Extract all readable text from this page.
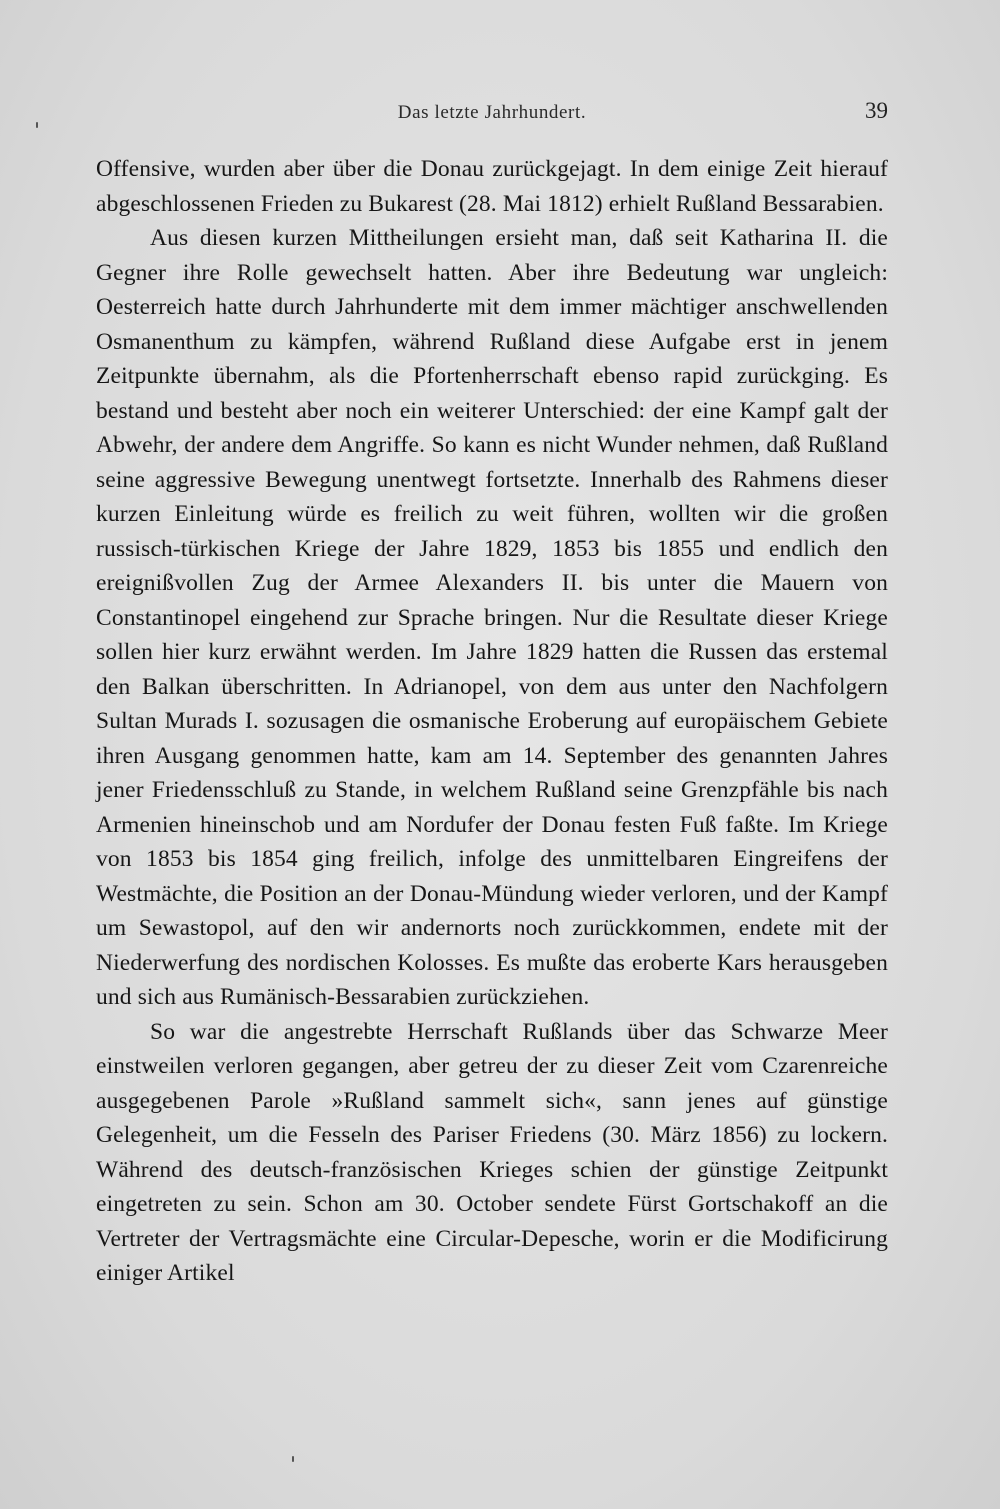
Das letzte Jahrhundert.	39

Offensive, wurden aber über die Donau zurückgejagt. In dem einige Zeit hierauf abgeschlossenen Frieden zu Bukarest (28. Mai 1812) erhielt Rußland Bessarabien.

Aus diesen kurzen Mittheilungen ersieht man, daß seit Katharina II. die Gegner ihre Rolle gewechselt hatten. Aber ihre Bedeutung war ungleich: Oesterreich hatte durch Jahrhunderte mit dem immer mächtiger anschwellenden Osmanenthum zu kämpfen, während Rußland diese Aufgabe erst in jenem Zeitpunkte übernahm, als die Pfortenherrschaft ebenso rapid zurückging. Es bestand und besteht aber noch ein weiterer Unterschied: der eine Kampf galt der Abwehr, der andere dem Angriffe. So kann es nicht Wunder nehmen, daß Rußland seine aggressive Bewegung unentwegt fortsetzte. Innerhalb des Rahmens dieser kurzen Einleitung würde es freilich zu weit führen, wollten wir die großen russisch-türkischen Kriege der Jahre 1829, 1853 bis 1855 und endlich den ereignißvollen Zug der Armee Alexanders II. bis unter die Mauern von Constantinopel eingehend zur Sprache bringen. Nur die Resultate dieser Kriege sollen hier kurz erwähnt werden. Im Jahre 1829 hatten die Russen das erstemal den Balkan überschritten. In Adrianopel, von dem aus unter den Nachfolgern Sultan Murads I. sozusagen die osmanische Eroberung auf europäischem Gebiete ihren Ausgang genommen hatte, kam am 14. September des genannten Jahres jener Friedensschluß zu Stande, in welchem Rußland seine Grenzpfähle bis nach Armenien hineinschob und am Nordufer der Donau festen Fuß faßte. Im Kriege von 1853 bis 1854 ging freilich, infolge des unmittelbaren Eingreifens der Westmächte, die Position an der Donau-Mündung wieder verloren, und der Kampf um Sewastopol, auf den wir andernorts noch zurückkommen, endete mit der Niederwerfung des nordischen Kolosses. Es mußte das eroberte Kars herausgeben und sich aus Rumänisch-Bessarabien zurückziehen.

So war die angestrebte Herrschaft Rußlands über das Schwarze Meer einstweilen verloren gegangen, aber getreu der zu dieser Zeit vom Czarenreiche ausgegebenen Parole »Rußland sammelt sich«, sann jenes auf günstige Gelegenheit, um die Fesseln des Pariser Friedens (30. März 1856) zu lockern. Während des deutsch-französischen Krieges schien der günstige Zeitpunkt eingetreten zu sein. Schon am 30. October sendete Fürst Gortschakoff an die Vertreter der Vertragsmächte eine Circular-Depesche, worin er die Modificirung einiger Artikel
